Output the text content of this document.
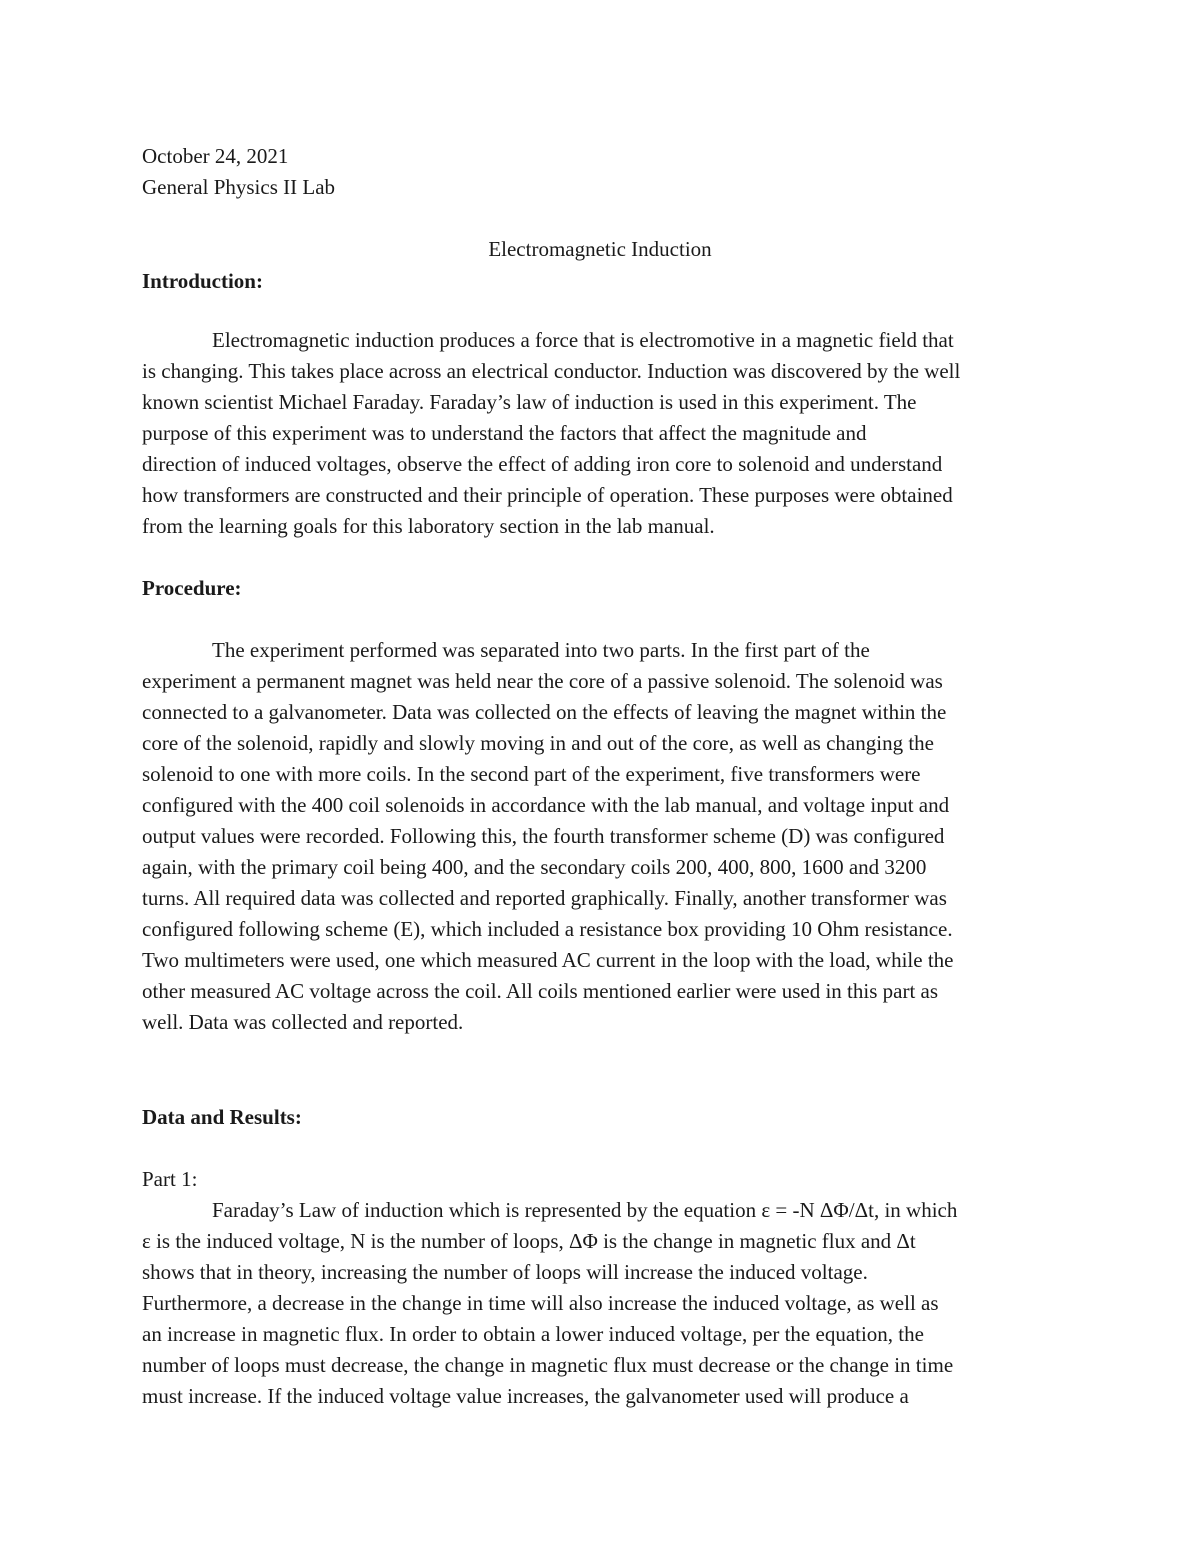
October 24, 2021
General Physics II Lab
Electromagnetic Induction
Introduction:
Electromagnetic induction produces a force that is electromotive in a magnetic field that
is changing. This takes place across an electrical conductor. Induction was discovered by the well
known scientist Michael Faraday. Faraday’s law of induction is used in this experiment. The
purpose of this experiment was to understand the factors that affect the magnitude and
direction of induced voltages, observe the effect of adding iron core to solenoid and understand
how transformers are constructed and their principle of operation. These purposes were obtained
from the learning goals for this laboratory section in the lab manual.
Procedure:
The experiment performed was separated into two parts. In the first part of the
experiment a permanent magnet was held near the core of a passive solenoid. The solenoid was
connected to a galvanometer. Data was collected on the effects of leaving the magnet within the
core of the solenoid, rapidly and slowly moving in and out of the core, as well as changing the
solenoid to one with more coils. In the second part of the experiment, five transformers were
configured with the 400 coil solenoids in accordance with the lab manual, and voltage input and
output values were recorded. Following this, the fourth transformer scheme (D) was configured
again, with the primary coil being 400, and the secondary coils 200, 400, 800, 1600 and 3200
turns. All required data was collected and reported graphically. Finally, another transformer was
configured following scheme (E), which included a resistance box providing 10 Ohm resistance.
Two multimeters were used, one which measured AC current in the loop with the load, while the
other measured AC voltage across the coil. All coils mentioned earlier were used in this part as
well. Data was collected and reported.
Data and Results:
Part 1:
Faraday’s Law of induction which is represented by the equation ε = -N ΔΦ/Δt, in which
ε is the induced voltage, N is the number of loops, ΔΦ is the change in magnetic flux and Δt
shows that in theory, increasing the number of loops will increase the induced voltage.
Furthermore, a decrease in the change in time will also increase the induced voltage, as well as
an increase in magnetic flux. In order to obtain a lower induced voltage, per the equation, the
number of loops must decrease, the change in magnetic flux must decrease or the change in time
must increase. If the induced voltage value increases, the galvanometer used will produce a
